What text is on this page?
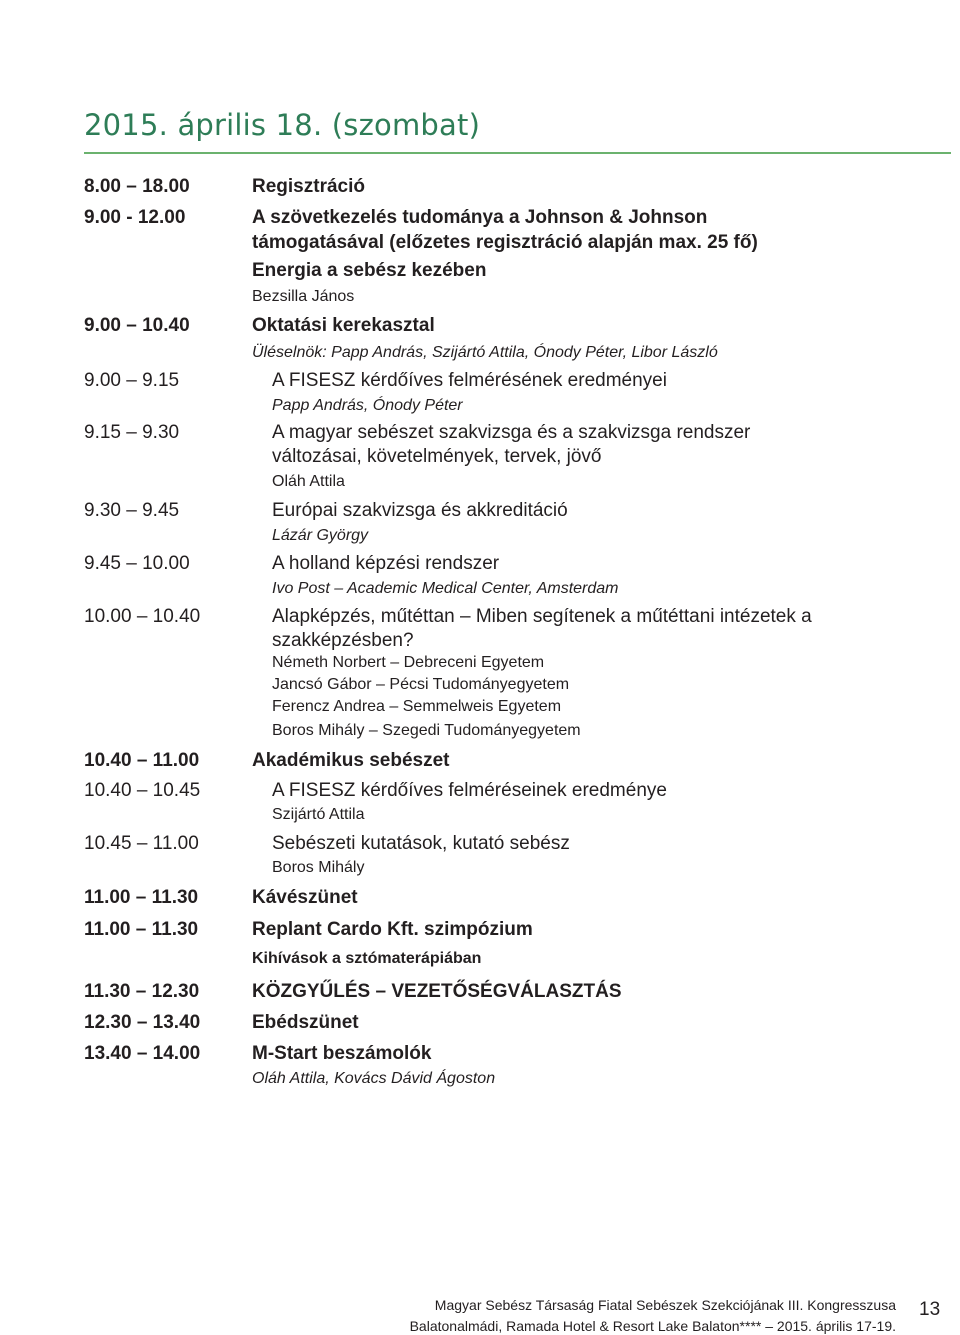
2015. április 18. (szombat)
8.00 – 18.00	Regisztráció
9.00 - 12.00	A szövetkezelés tudománya a Johnson & Johnson
támogatásával (előzetes regisztráció alapján max. 25 fő)
Energia a sebész kezében
Bezsilla János
9.00 – 10.40	Oktatási kerekasztal
Üléselnök: Papp András, Szijártó Attila, Ónody Péter, Libor László
9.00 – 9.15	A FISESZ kérdőíves felmérésének eredményei
Papp András, Ónody Péter
9.15 – 9.30	A magyar sebészet szakvizsga és a szakvizsga rendszer
változásai, követelmények, tervek, jövő
Oláh Attila
9.30 – 9.45	Európai szakvizsga és akkreditáció
Lázár György
9.45 – 10.00	A holland képzési rendszer
Ivo Post – Academic Medical Center, Amsterdam
10.00 – 10.40	Alapképzés, műtéttan – Miben segítenek a műtéttani intézetek a
szakképzésben?
Németh Norbert – Debreceni Egyetem
Jancsó Gábor – Pécsi Tudományegyetem
Ferencz Andrea – Semmelweis Egyetem
Boros Mihály – Szegedi Tudományegyetem
10.40 – 11.00	Akadémikus sebészet
10.40 – 10.45	A FISESZ kérdőíves felméréseinek eredménye
Szijártó Attila
10.45 – 11.00	Sebészeti kutatások, kutató sebész
Boros Mihály
11.00 – 11.30	Kávészünet
11.00 – 11.30	Replant Cardo Kft. szimpózium
Kihívások a sztómaterápiában
11.30 – 12.30	KÖZGYŰLÉS – VEZETŐSÉGVÁLASZTÁS
12.30 – 13.40	Ebédszünet
13.40 – 14.00	M-Start beszámolók
Oláh Attila, Kovács Dávid Ágoston
Magyar Sebész Társaság Fiatal Sebészek Szekciójának III. Kongresszusa
Balatonalmádi, Ramada Hotel & Resort Lake Balaton**** – 2015. április 17-19.
13
